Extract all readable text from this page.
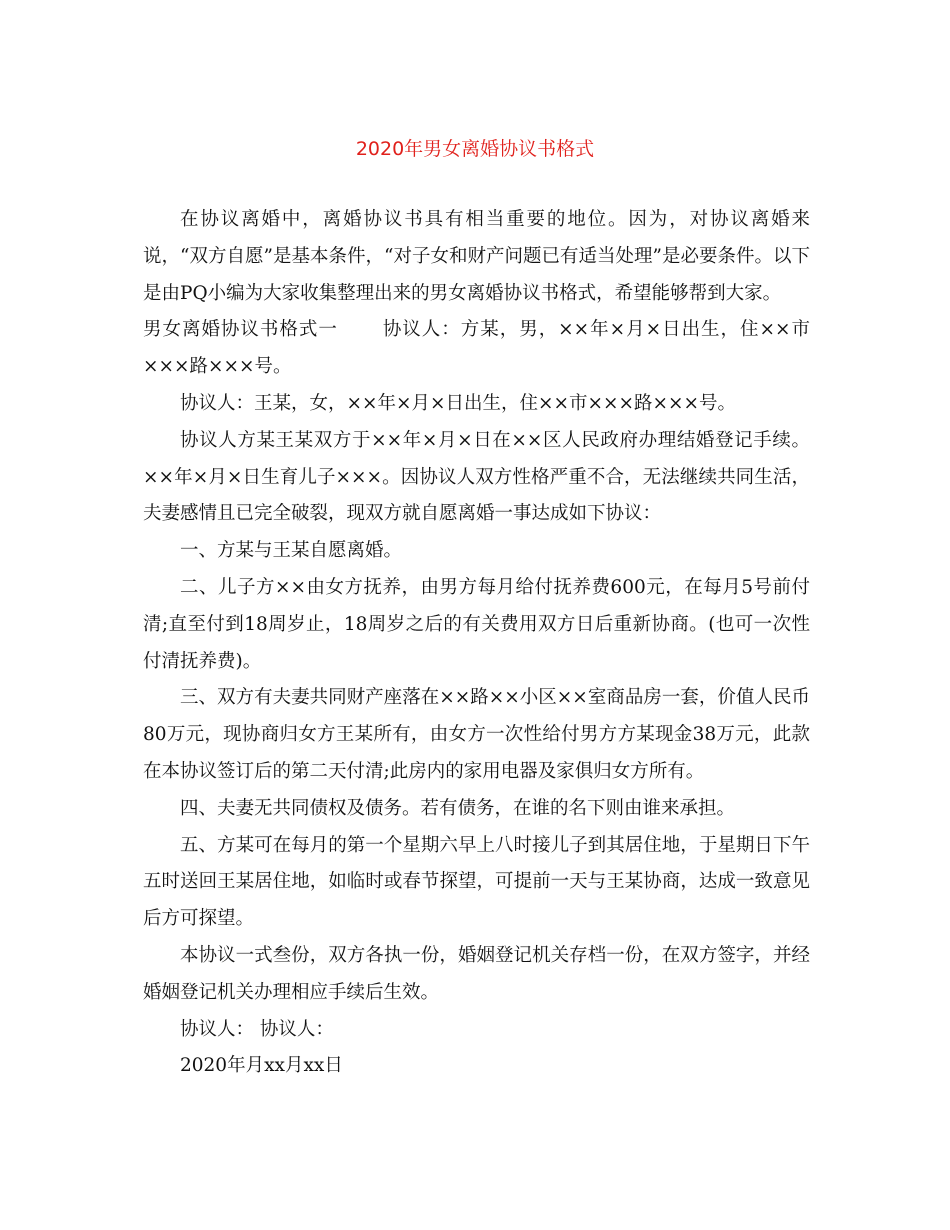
2020年男女离婚协议书格式

在协议离婚中，离婚协议书具有相当重要的地位。因为，对协议离婚来说，“双方自愿”是基本条件，“对子女和财产问题已有适当处理”是必要条件。以下是由PQ小编为大家收集整理出来的男女离婚协议书格式，希望能够帮到大家。

男女离婚协议书格式一 协议人：方某，男，××年×月×日出生，住××市×××路×××号。

协议人：王某，女，××年×月×日出生，住××市×××路×××号。

协议人方某王某双方于××年×月×日在××区人民政府办理结婚登记手续。××年×月×日生育儿子×××。因协议人双方性格严重不合，无法继续共同生活，夫妻感情且已完全破裂，现双方就自愿离婚一事达成如下协议：

一、方某与王某自愿离婚。

二、儿子方××由女方抚养，由男方每月给付抚养费600元，在每月5号前付清;直至付到18周岁止，18周岁之后的有关费用双方日后重新协商。(也可一次性付清抚养费)。

三、双方有夫妻共同财产座落在××路××小区××室商品房一套，价值人民币80万元，现协商归女方王某所有，由女方一次性给付男方方某现金38万元，此款在本协议签订后的第二天付清;此房内的家用电器及家俱归女方所有。

四、夫妻无共同债权及债务。若有债务，在谁的名下则由谁来承担。

五、方某可在每月的第一个星期六早上八时接儿子到其居住地，于星期日下午五时送回王某居住地，如临时或春节探望，可提前一天与王某协商，达成一致意见后方可探望。

本协议一式叁份，双方各执一份，婚姻登记机关存档一份，在双方签字，并经婚姻登记机关办理相应手续后生效。

协议人： 协议人：

2020年月xx月xx日
